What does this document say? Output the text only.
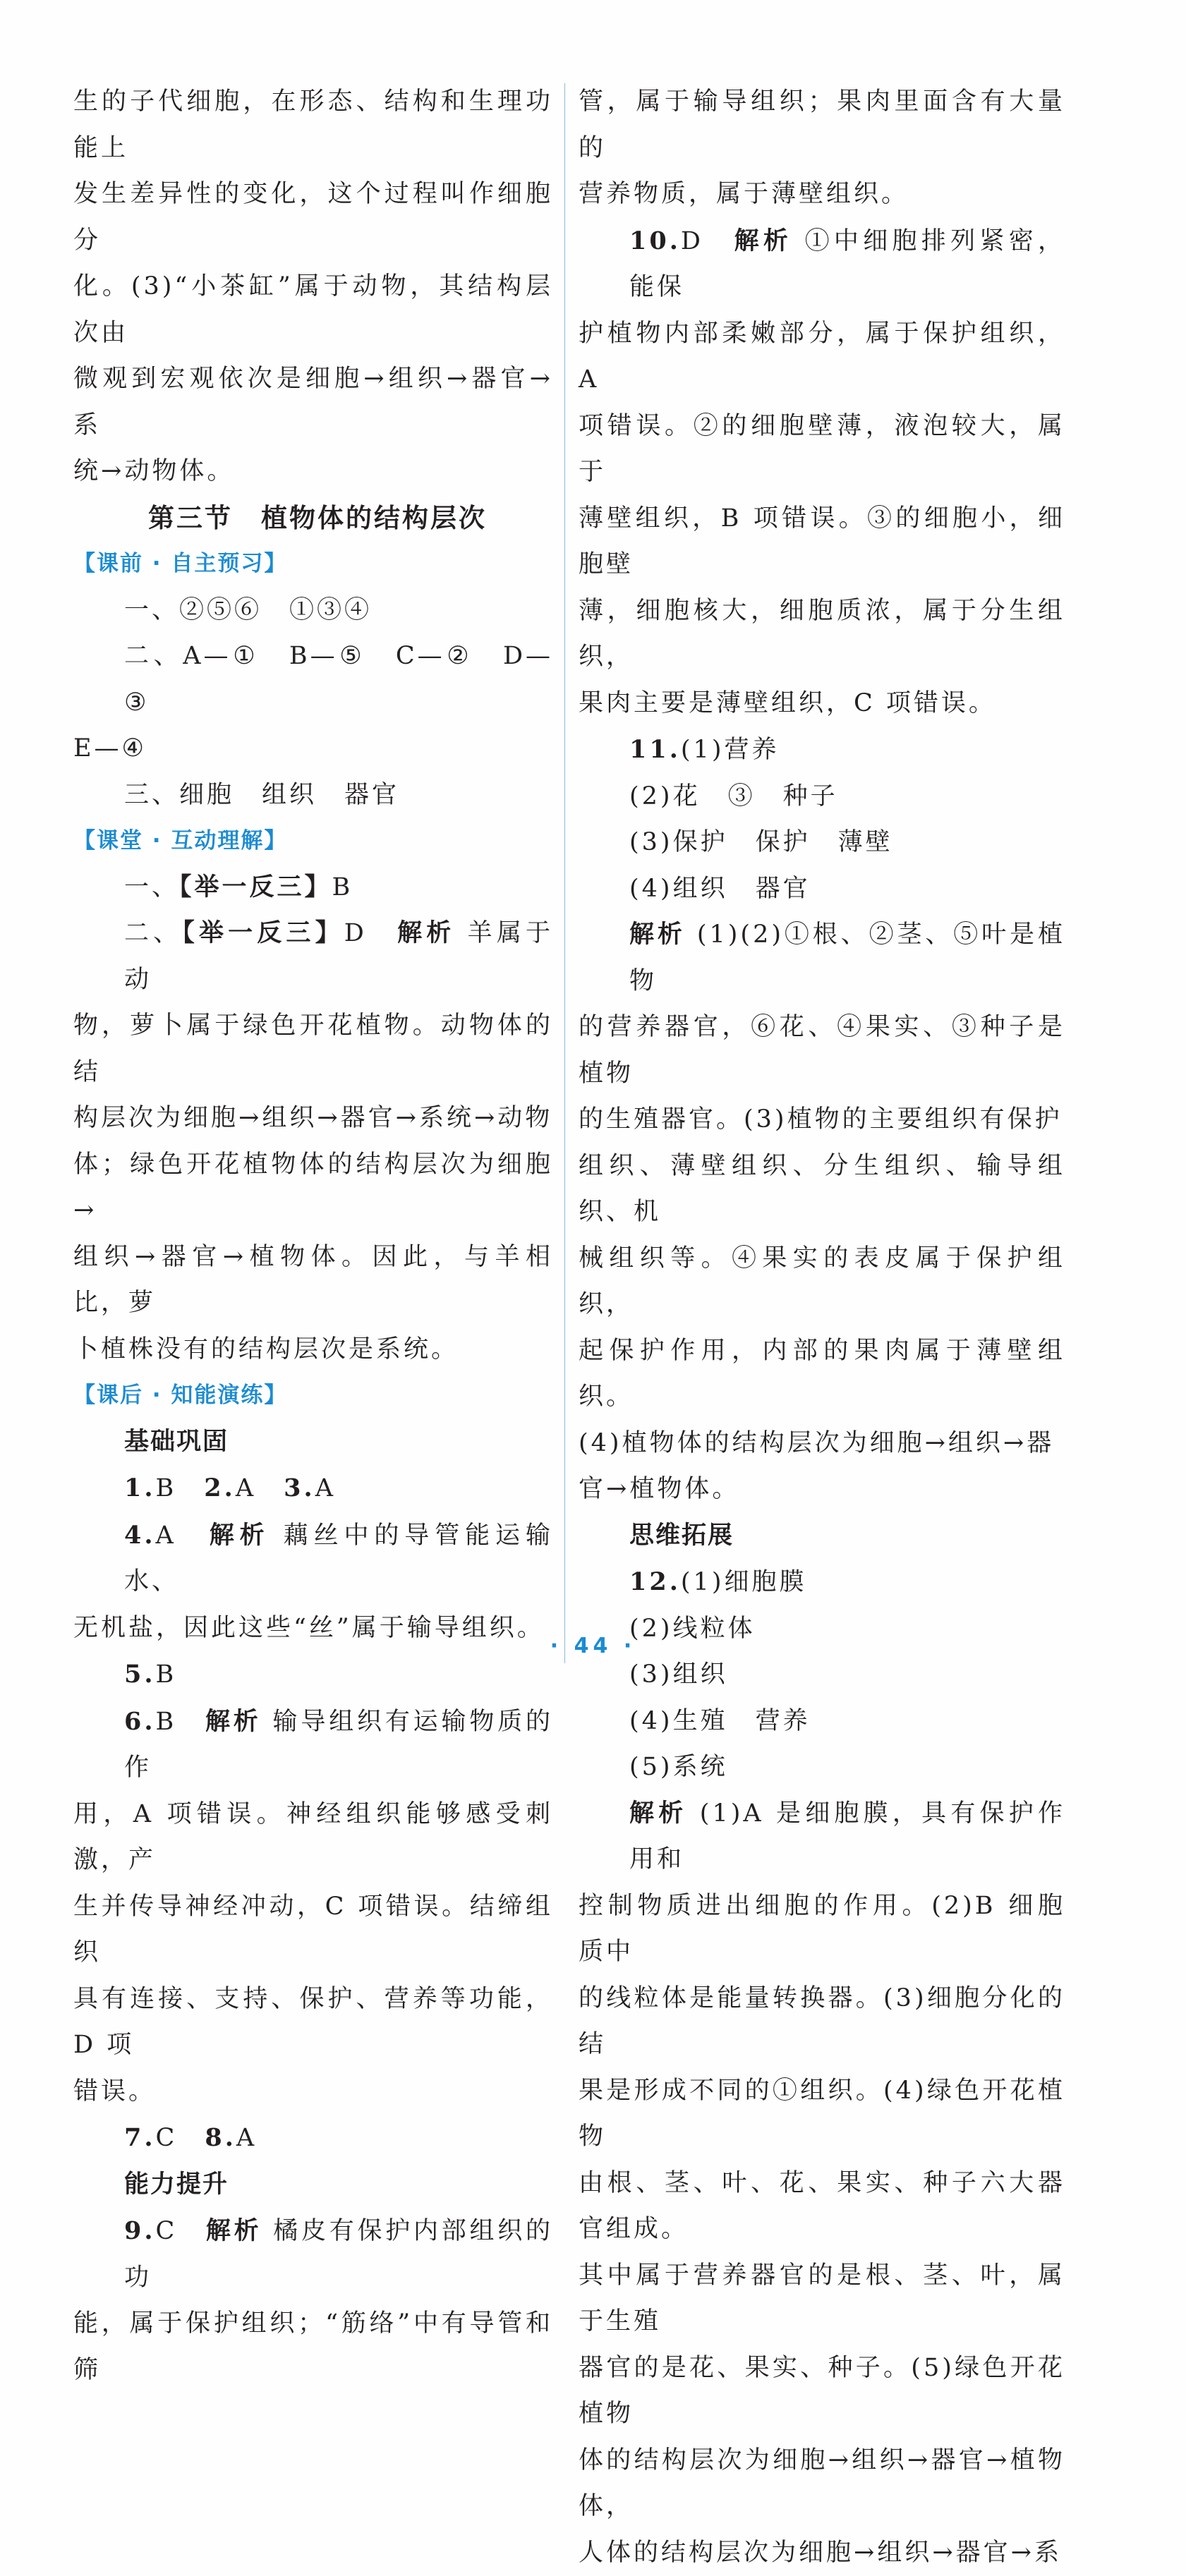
生的子代细胞，在形态、结构和生理功能上

发生差异性的变化，这个过程叫作细胞分

化。(3)“小茶缸”属于动物，其结构层次由

微观到宏观依次是细胞→组织→器官→系

统→动物体。

第三节　植物体的结构层次

【课前 · 自主预习】

一、②⑤⑥　①③④

二、A—①　B—⑤　C—②　D—③

E—④

三、细胞　组织　器官

【课堂 · 互动理解】

一、【举一反三】B

二、【举一反三】D　解析 羊属于动

物，萝卜属于绿色开花植物。动物体的结

构层次为细胞→组织→器官→系统→动物

体；绿色开花植物体的结构层次为细胞→

组织→器官→植物体。因此，与羊相比，萝

卜植株没有的结构层次是系统。

【课后 · 知能演练】

基础巩固

1.B　 2.A　 3.A

4.A　 解析 藕丝中的导管能运输水、

无机盐，因此这些“丝”属于输导组织。

5.B

6.B　 解析 输导组织有运输物质的作

用，A 项错误。神经组织能够感受刺激，产

生并传导神经冲动，C 项错误。结缔组织

具有连接、支持、保护、营养等功能，D 项

错误。

7.C　 8.A

能力提升

9.C　 解析 橘皮有保护内部组织的功

能，属于保护组织；“筋络”中有导管和筛

管，属于输导组织；果肉里面含有大量的

营养物质，属于薄壁组织。

10.D　 解析 ①中细胞排列紧密，能保

护植物内部柔嫩部分，属于保护组织，A

项错误。②的细胞壁薄，液泡较大，属于

薄壁组织，B 项错误。③的细胞小，细胞壁

薄，细胞核大，细胞质浓，属于分生组织，

果肉主要是薄壁组织，C 项错误。

11.(1)营养

(2)花　③　种子

(3)保护　保护　薄壁

(4)组织　器官

解析 (1)(2)①根、②茎、⑤叶是植物

的营养器官，⑥花、④果实、③种子是植物

的生殖器官。(3)植物的主要组织有保护

组织、薄壁组织、分生组织、输导组织、机

械组织等。④果实的表皮属于保护组织，

起保护作用，内部的果肉属于薄壁组织。

(4)植物体的结构层次为细胞→组织→器

官→植物体。

思维拓展

12.(1)细胞膜

(2)线粒体

(3)组织

(4)生殖　营养

(5)系统

解析 (1)A 是细胞膜，具有保护作用和

控制物质进出细胞的作用。(2)B 细胞质中

的线粒体是能量转换器。(3)细胞分化的结

果是形成不同的①组织。(4)绿色开花植物

由根、茎、叶、花、果实、种子六大器官组成。

其中属于营养器官的是根、茎、叶，属于生殖

器官的是花、果实、种子。(5)绿色开花植物

体的结构层次为细胞→组织→器官→植物体，

人体的结构层次为细胞→组织→器官→系

· 44 ·
